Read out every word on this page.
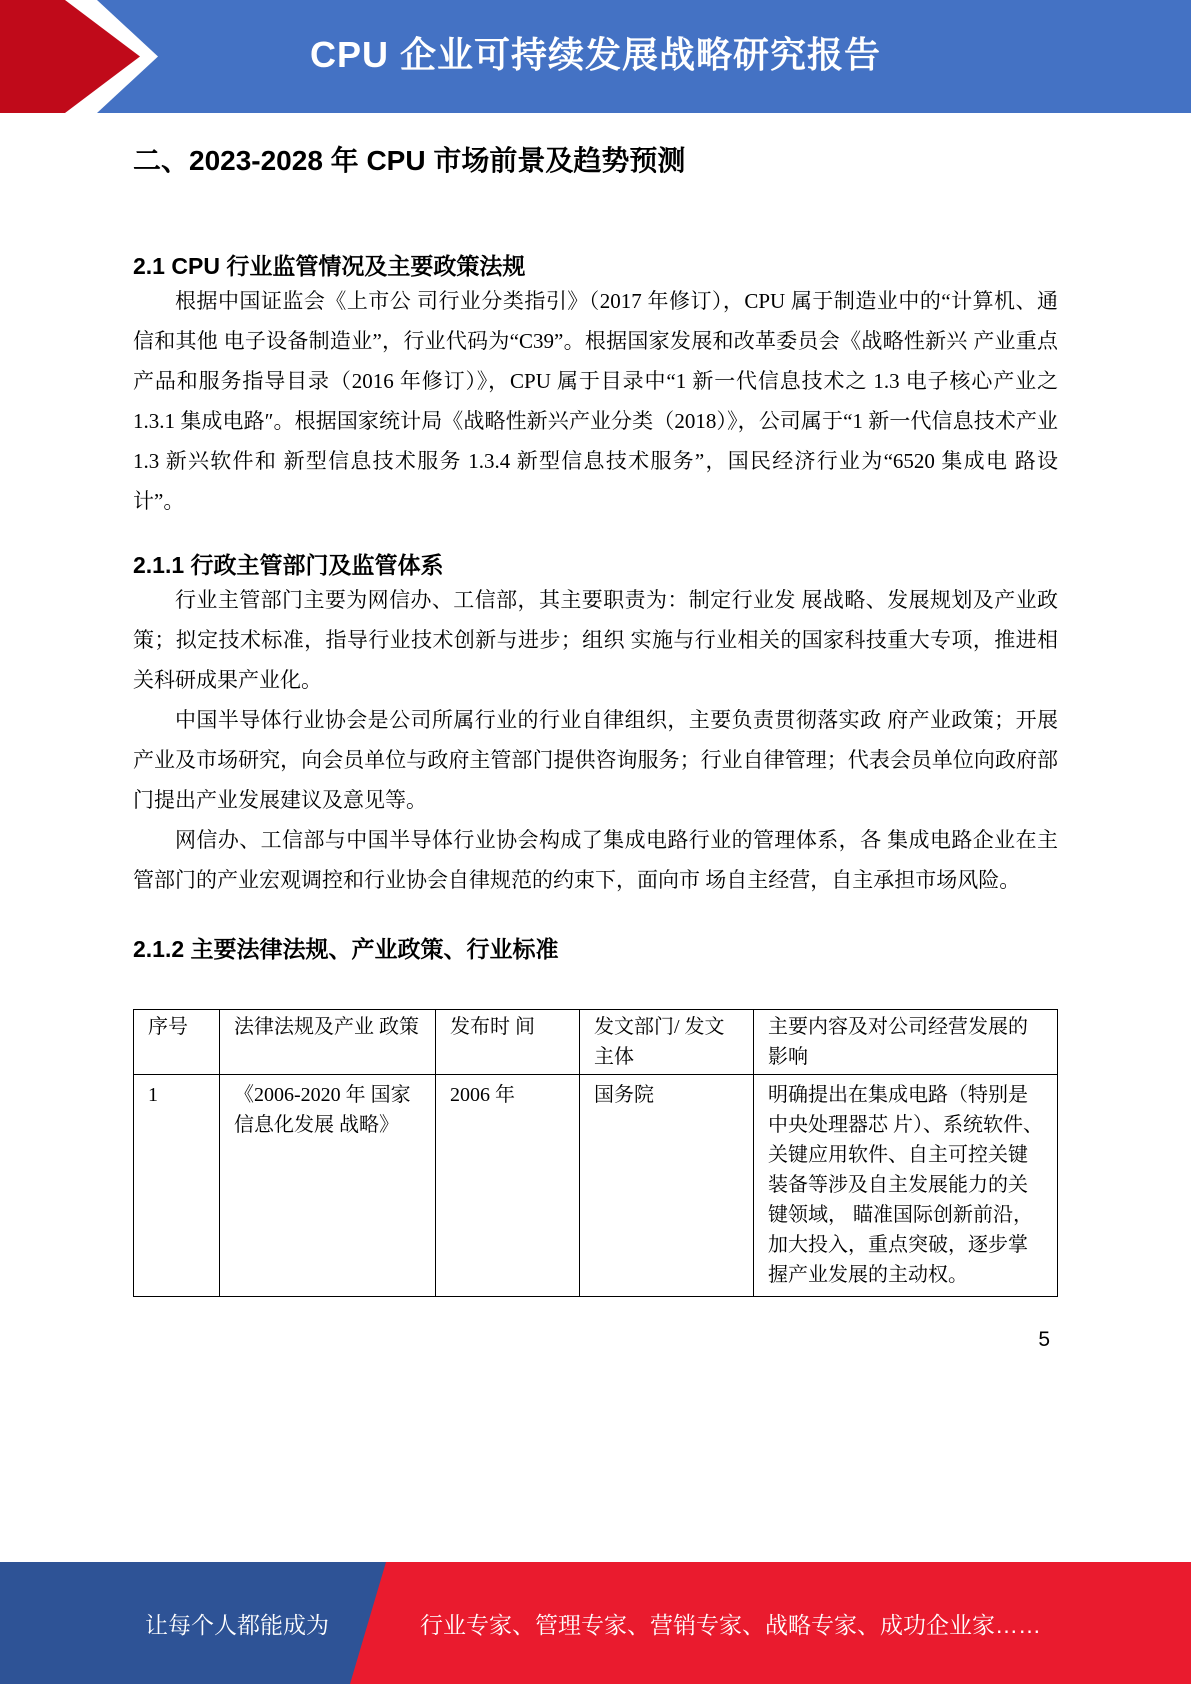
CPU 企业可持续发展战略研究报告
二、2023-2028 年 CPU 市场前景及趋势预测
2.1 CPU 行业监管情况及主要政策法规

根据中国证监会《上市公 司行业分类指引》（2017 年修订），CPU 属于制造业中的“计算机、通信和其他 电子设备制造业”，行业代码为“C39”。根据国家发展和改革委员会《战略性新兴 产业重点产品和服务指导目录（2016 年修订）》，CPU 属于目录中“1 新一代信息技术之 1.3 电子核心产业之 1.3.1 集成电路″。根据国家统计局《战略性新兴产业分类（2018）》，公司属于“1 新一代信息技术产业 1.3 新兴软件和 新型信息技术服务 1.3.4 新型信息技术服务”，国民经济行业为“6520 集成电 路设计”。

2.1.1 行政主管部门及监管体系

行业主管部门主要为网信办、工信部，其主要职责为：制定行业发 展战略、发展规划及产业政策；拟定技术标准，指导行业技术创新与进步；组织 实施与行业相关的国家科技重大专项，推进相关科研成果产业化。

中国半导体行业协会是公司所属行业的行业自律组织，主要负责贯彻落实政 府产业政策；开展产业及市场研究，向会员单位与政府主管部门提供咨询服务；行业自律管理；代表会员单位向政府部门提出产业发展建议及意见等。

网信办、工信部与中国半导体行业协会构成了集成电路行业的管理体系，各 集成电路企业在主管部门的产业宏观调控和行业协会自律规范的约束下，面向市 场自主经营，自主承担市场风险。

2.1.2 主要法律法规、产业政策、行业标准
序号	法律法规及产业 政策	发布时 间	发文部门/ 发文主体	主要内容及对公司经营发展的影响
1	《2006-2020 年 国家信息化发展 战略》	2006 年	国务院	明确提出在集成电路（特别是中央处理器芯 片）、系统软件、关键应用软件、自主可控关键装备等涉及自主发展能力的关键领域， 瞄准国际创新前沿，加大投入，重点突破，逐步掌握产业发展的主动权。
5
让每个人都能成为	行业专家、管理专家、营销专家、战略专家、成功企业家……
